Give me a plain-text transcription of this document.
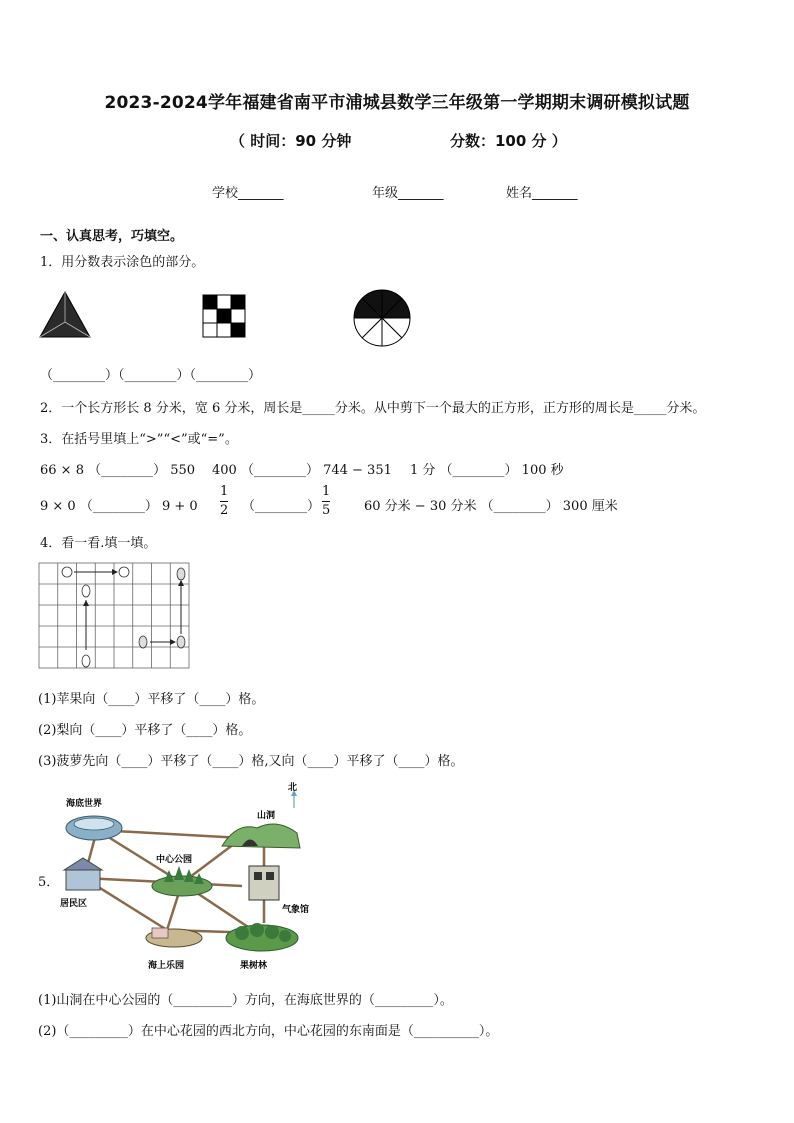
2023-2024学年福建省南平市浦城县数学三年级第一学期期末调研模拟试题
（ 时间：90 分钟	分数：100 分 ）
学校_______	年级_______	姓名_______
一、认真思考，巧填空。
1．用分数表示涂色的部分。
（________）（________）（________）
2．一个长方形长 8 分米，宽 6 分米，周长是_____分米。从中剪下一个最大的正方形，正方形的周长是_____分米。
3．在括号里填上“>”“<”或“=”。
66 × 8 （________） 550 400 （________） 744 − 351 1 分 （________） 100 秒
9 × 0 （________） $9 + 0 \frac{1}{2}$ （________） $\frac{1}{5}$	60 分米 − 30 分米 （________） 300 厘米
4．看一看.填一填。
(1)苹果向（____）平移了（____）格。
(2)梨向（____）平移了（____）格。
(3)菠萝先向（____）平移了（____）格,又向（____）平移了（____）格。
5．
北
海底世界
山洞
中心公园
居民区
气象馆
海上乐园	果树林
(1)山洞在中心公园的（_________）方向，在海底世界的（_________）。
(2)（_________）在中心花园的西北方向，中心花园的东南面是（__________）。
